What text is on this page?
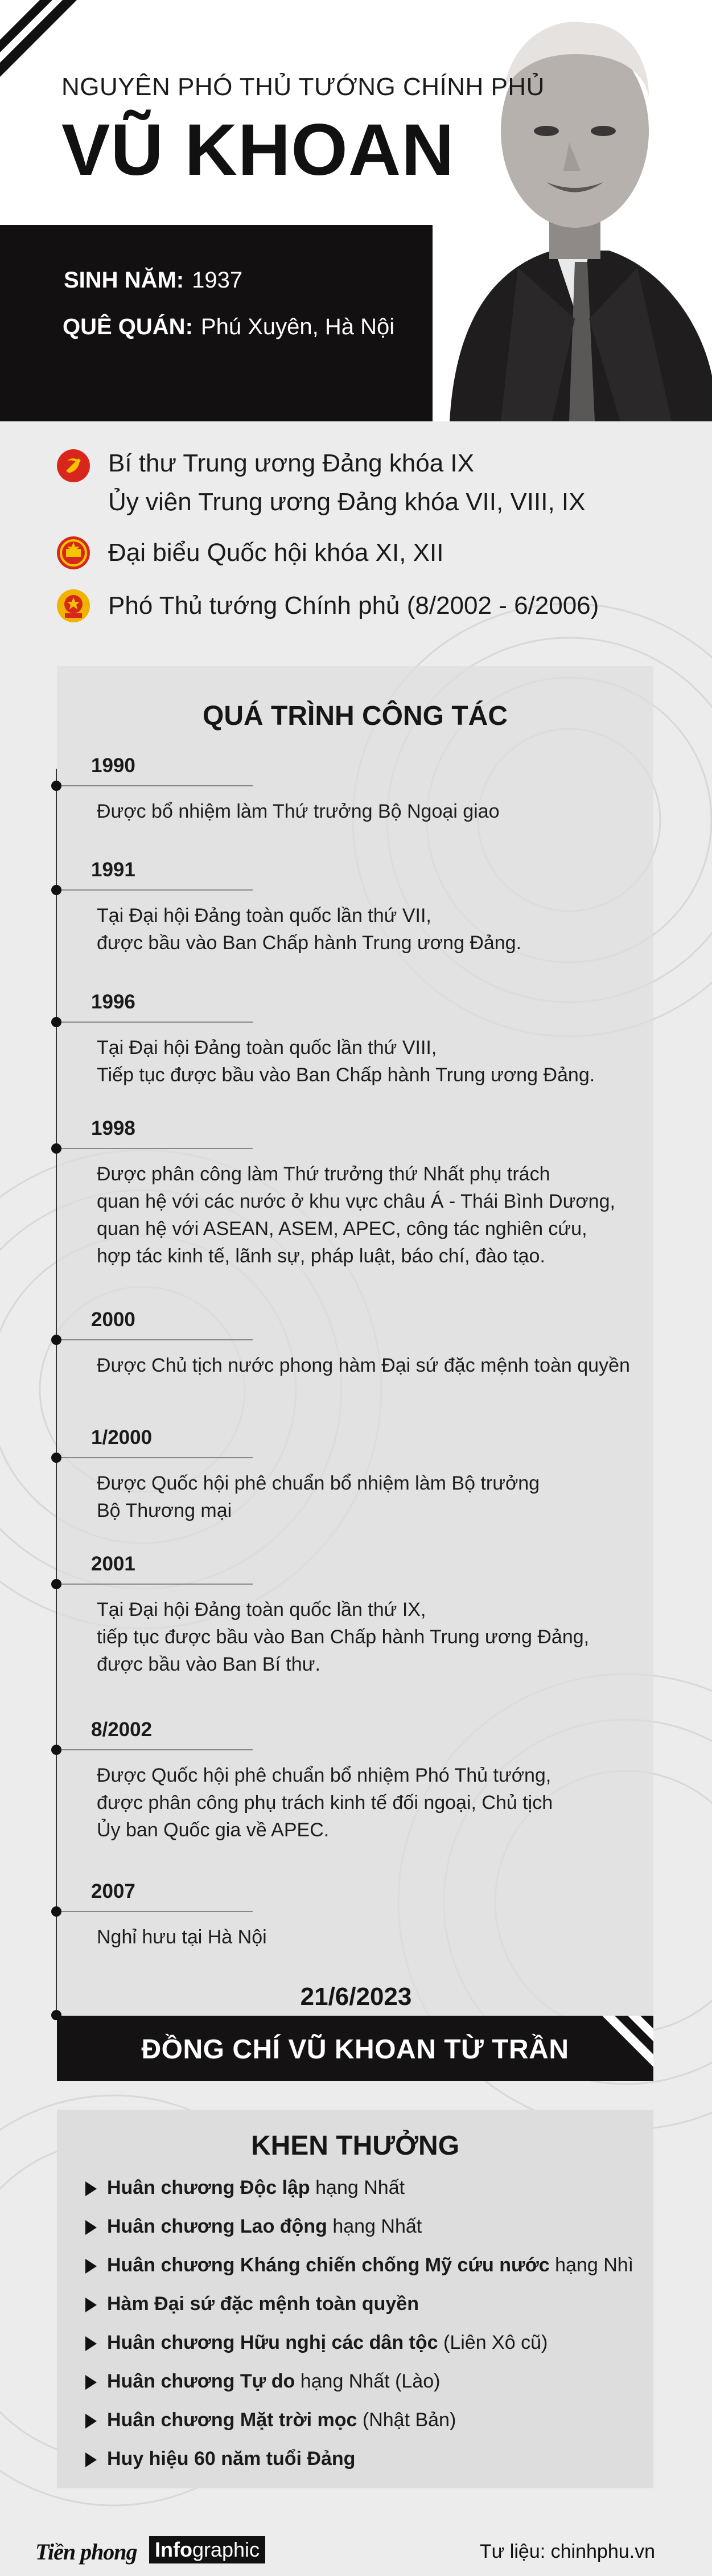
NGUYÊN PHÓ THỦ TƯỚNG CHÍNH PHỦ
VŨ KHOAN
SINH NĂM: 1937
QUÊ QUÁN: Phú Xuyên, Hà Nội
Bí thư Trung ương Đảng khóa IX
Ủy viên Trung ương Đảng khóa VII, VIII, IX
Đại biểu Quốc hội khóa XI, XII
Phó Thủ tướng Chính phủ (8/2002 - 6/2006)
QUÁ TRÌNH CÔNG TÁC
1990
Được bổ nhiệm làm Thứ trưởng Bộ Ngoại giao
1991
Tại Đại hội Đảng toàn quốc lần thứ VII,
được bầu vào Ban Chấp hành Trung ương Đảng.
1996
Tại Đại hội Đảng toàn quốc lần thứ VIII,
Tiếp tục được bầu vào Ban Chấp hành Trung ương Đảng.
1998
Được phân công làm Thứ trưởng thứ Nhất phụ trách
quan hệ với các nước ở khu vực châu Á - Thái Bình Dương,
quan hệ với ASEAN, ASEM, APEC, công tác nghiên cứu,
hợp tác kinh tế, lãnh sự, pháp luật, báo chí, đào tạo.
2000
Được Chủ tịch nước phong hàm Đại sứ đặc mệnh toàn quyền
1/2000
Được Quốc hội phê chuẩn bổ nhiệm làm Bộ trưởng
Bộ Thương mại
2001
Tại Đại hội Đảng toàn quốc lần thứ IX,
tiếp tục được bầu vào Ban Chấp hành Trung ương Đảng,
được bầu vào Ban Bí thư.
8/2002
Được Quốc hội phê chuẩn bổ nhiệm Phó Thủ tướng,
được phân công phụ trách kinh tế đối ngoại, Chủ tịch
Ủy ban Quốc gia về APEC.
2007
Nghỉ hưu tại Hà Nội
21/6/2023
ĐỒNG CHÍ VŨ KHOAN TỪ TRẦN
KHEN THƯỞNG
Huân chương Độc lập hạng Nhất
Huân chương Lao động hạng Nhất
Huân chương Kháng chiến chống Mỹ cứu nước hạng Nhì
Hàm Đại sứ đặc mệnh toàn quyền
Huân chương Hữu nghị các dân tộc (Liên Xô cũ)
Huân chương Tự do hạng Nhất (Lào)
Huân chương Mặt trời mọc (Nhật Bản)
Huy hiệu 60 năm tuổi Đảng
Tiền phong Infographic	Tư liệu: chinhphu.vn
